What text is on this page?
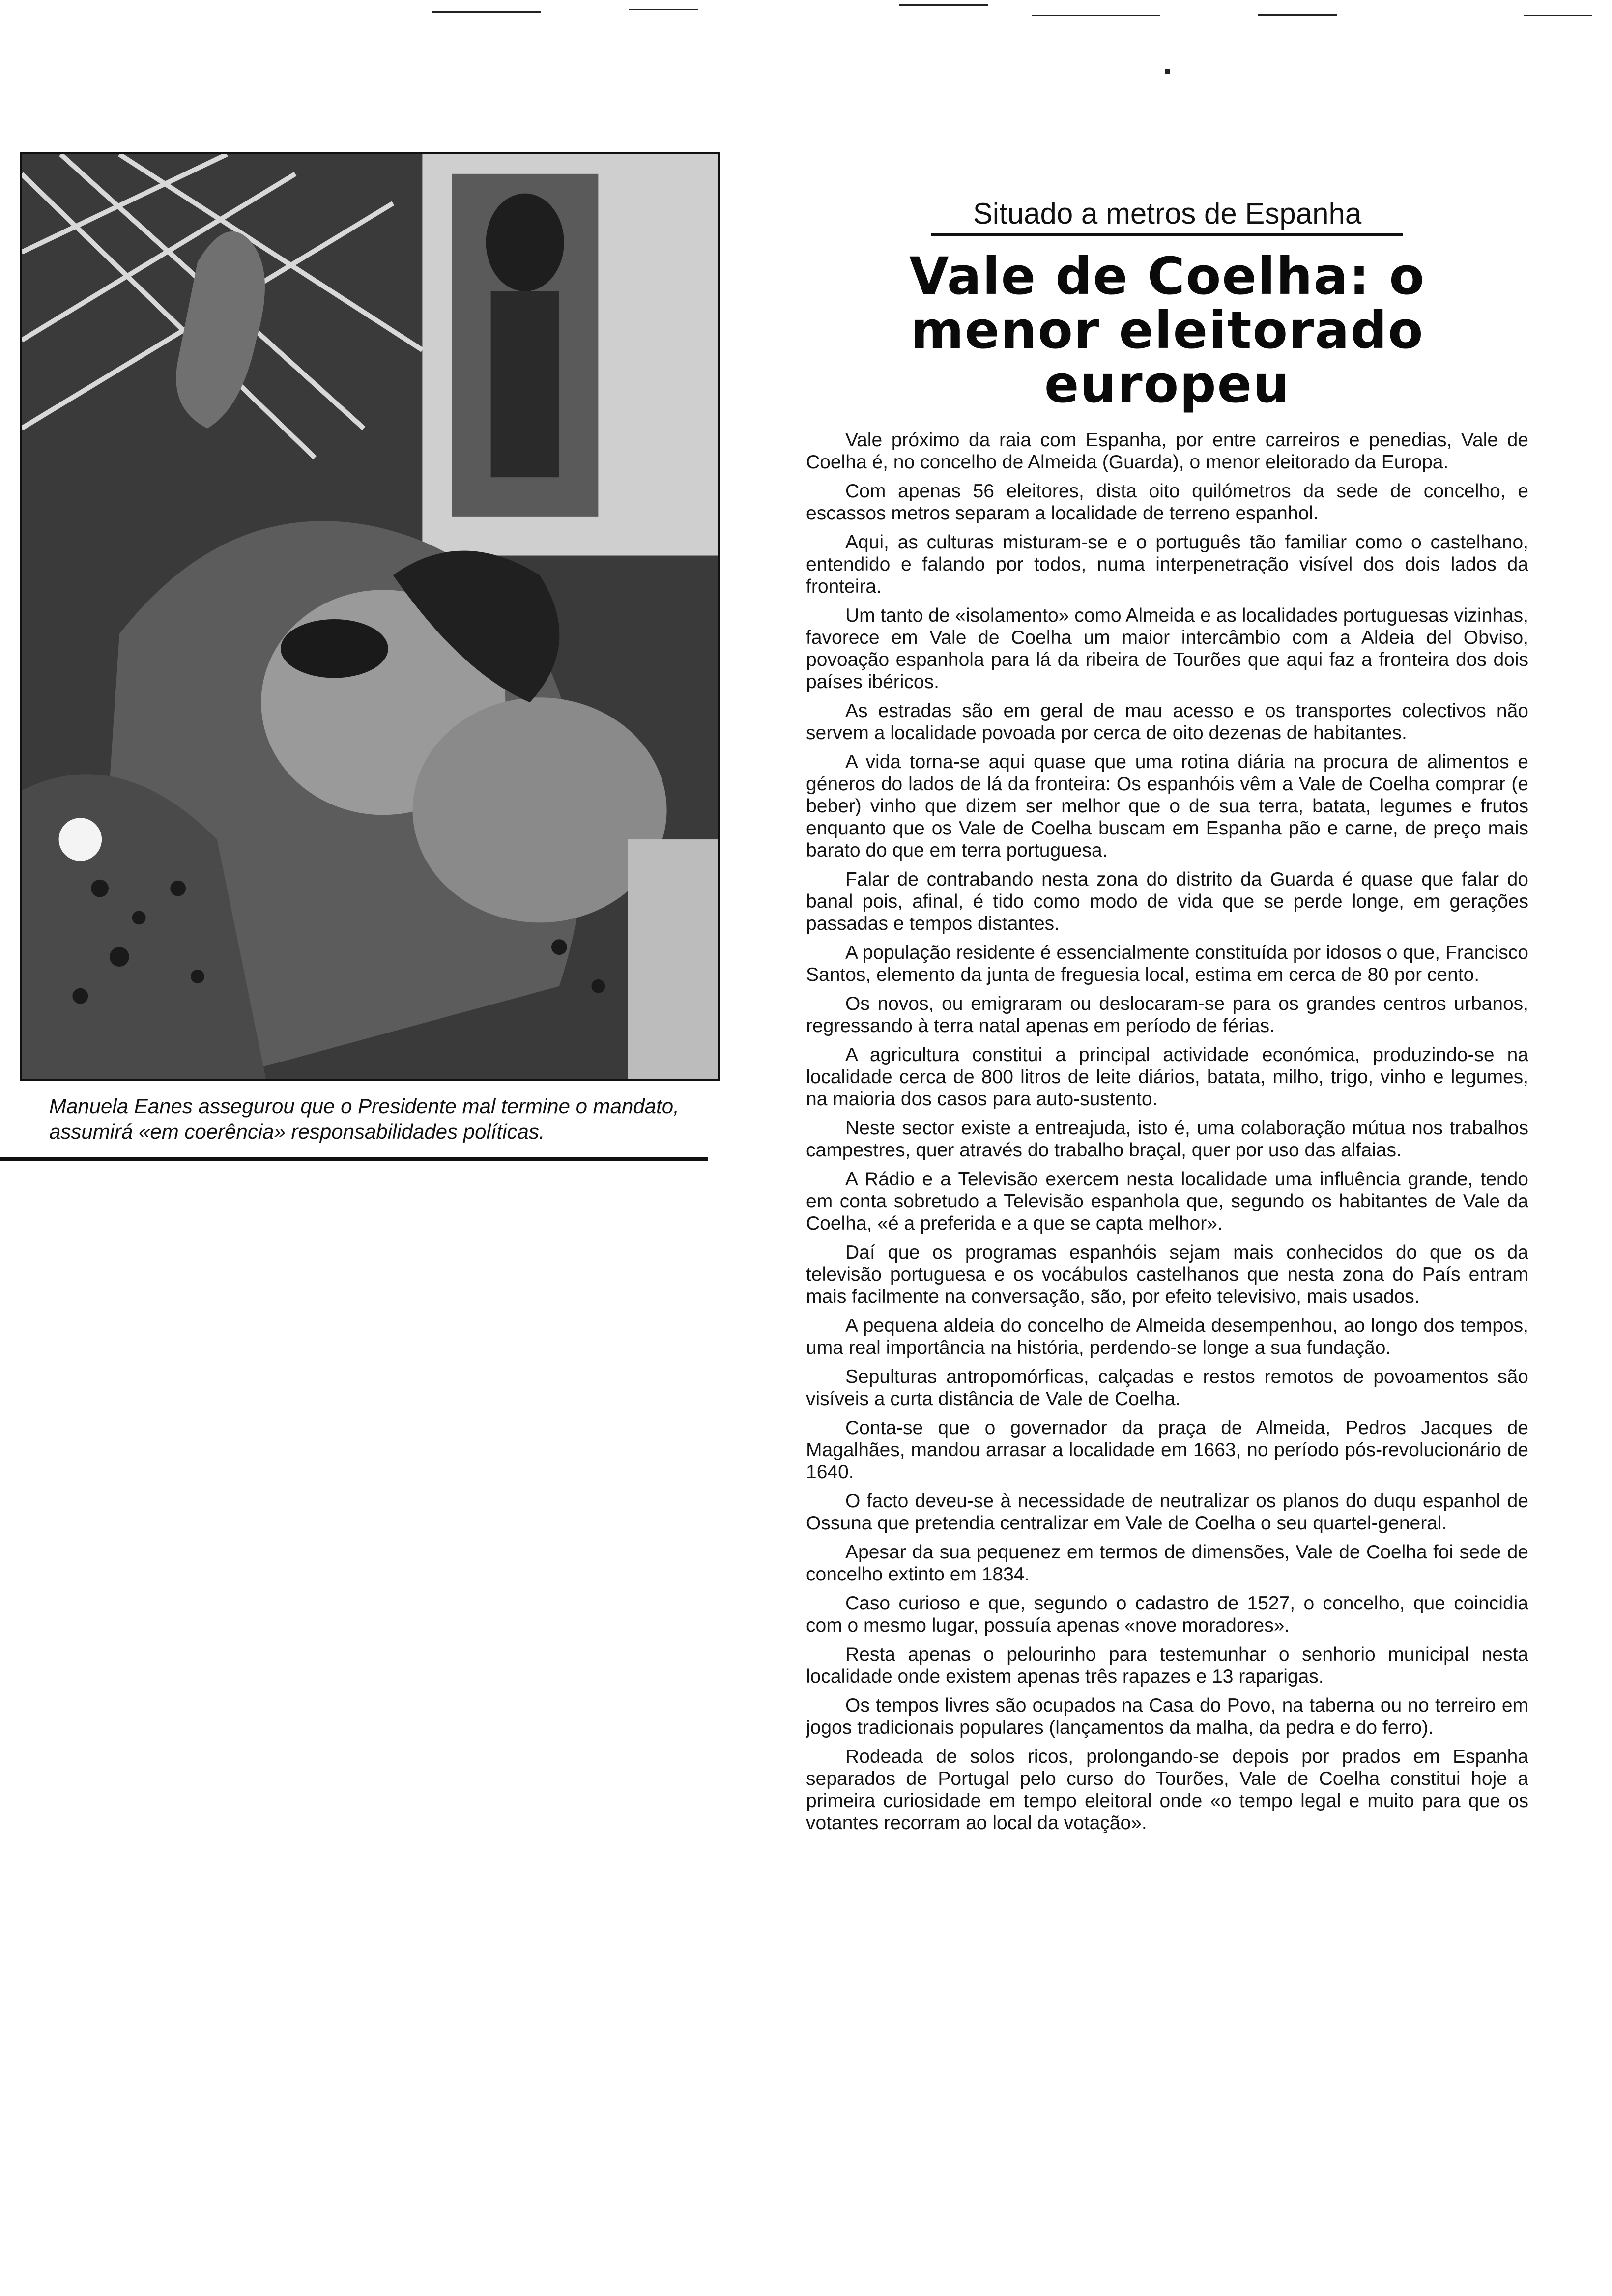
Manuela Eanes assegurou que o Presidente mal termine o mandato, assumirá «em coerência» responsabilidades políticas.
Situado a metros de Espanha
Vale de Coelha: o menor eleitorado europeu

Vale próximo da raia com Espanha, por entre carreiros e penedias, Vale de Coelha é, no concelho de Almeida (Guarda), o menor eleitorado da Europa.

Com apenas 56 eleitores, dista oito quilómetros da sede de concelho, e escassos metros separam a localidade de terreno espanhol.

Aqui, as culturas misturam-se e o português tão familiar como o castelhano, entendido e falando por todos, numa interpenetração visível dos dois lados da fronteira.

Um tanto de «isolamento» como Almeida e as localidades portuguesas vizinhas, favorece em Vale de Coelha um maior intercâmbio com a Aldeia del Obviso, povoação espanhola para lá da ribeira de Tourões que aqui faz a fronteira dos dois países ibéricos.

As estradas são em geral de mau acesso e os transportes colectivos não servem a localidade povoada por cerca de oito dezenas de habitantes.

A vida torna-se aqui quase que uma rotina diária na procura de alimentos e géneros do lados de lá da fronteira: Os espanhóis vêm a Vale de Coelha comprar (e beber) vinho que dizem ser melhor que o de sua terra, batata, legumes e frutos enquanto que os Vale de Coelha buscam em Espanha pão e carne, de preço mais barato do que em terra portuguesa.

Falar de contrabando nesta zona do distrito da Guarda é quase que falar do banal pois, afinal, é tido como modo de vida que se perde longe, em gerações passadas e tempos distantes.

A população residente é essencialmente constituída por idosos o que, Francisco Santos, elemento da junta de freguesia local, estima em cerca de 80 por cento.

Os novos, ou emigraram ou deslocaram-se para os grandes centros urbanos, regressando à terra natal apenas em período de férias.

A agricultura constitui a principal actividade económica, produzindo-se na localidade cerca de 800 litros de leite diários, batata, milho, trigo, vinho e legumes, na maioria dos casos para auto-sustento.

Neste sector existe a entreajuda, isto é, uma colaboração mútua nos trabalhos campestres, quer através do trabalho braçal, quer por uso das alfaias.

A Rádio e a Televisão exercem nesta localidade uma influência grande, tendo em conta sobretudo a Televisão espanhola que, segundo os habitantes de Vale da Coelha, «é a preferida e a que se capta melhor».

Daí que os programas espanhóis sejam mais conhecidos do que os da televisão portuguesa e os vocábulos castelhanos que nesta zona do País entram mais facilmente na conversação, são, por efeito televisivo, mais usados.

A pequena aldeia do concelho de Almeida desempenhou, ao longo dos tempos, uma real importância na história, perdendo-se longe a sua fundação.

Sepulturas antropomórficas, calçadas e restos remotos de povoamentos são visíveis a curta distância de Vale de Coelha.

Conta-se que o governador da praça de Almeida, Pedros Jacques de Magalhães, mandou arrasar a localidade em 1663, no período pós-revolucionário de 1640.

O facto deveu-se à necessidade de neutralizar os planos do duqu espanhol de Ossuna que pretendia centralizar em Vale de Coelha o seu quartel-general.

Apesar da sua pequenez em termos de dimensões, Vale de Coelha foi sede de concelho extinto em 1834.

Caso curioso e que, segundo o cadastro de 1527, o concelho, que coincidia com o mesmo lugar, possuía apenas «nove moradores».

Resta apenas o pelourinho para testemunhar o senhorio municipal nesta localidade onde existem apenas três rapazes e 13 raparigas.

Os tempos livres são ocupados na Casa do Povo, na taberna ou no terreiro em jogos tradicionais populares (lançamentos da malha, da pedra e do ferro).

Rodeada de solos ricos, prolongando-se depois por prados em Espanha separados de Portugal pelo curso do Tourões, Vale de Coelha constitui hoje a primeira curiosidade em tempo eleitoral onde «o tempo legal e muito para que os votantes recorram ao local da votação».
